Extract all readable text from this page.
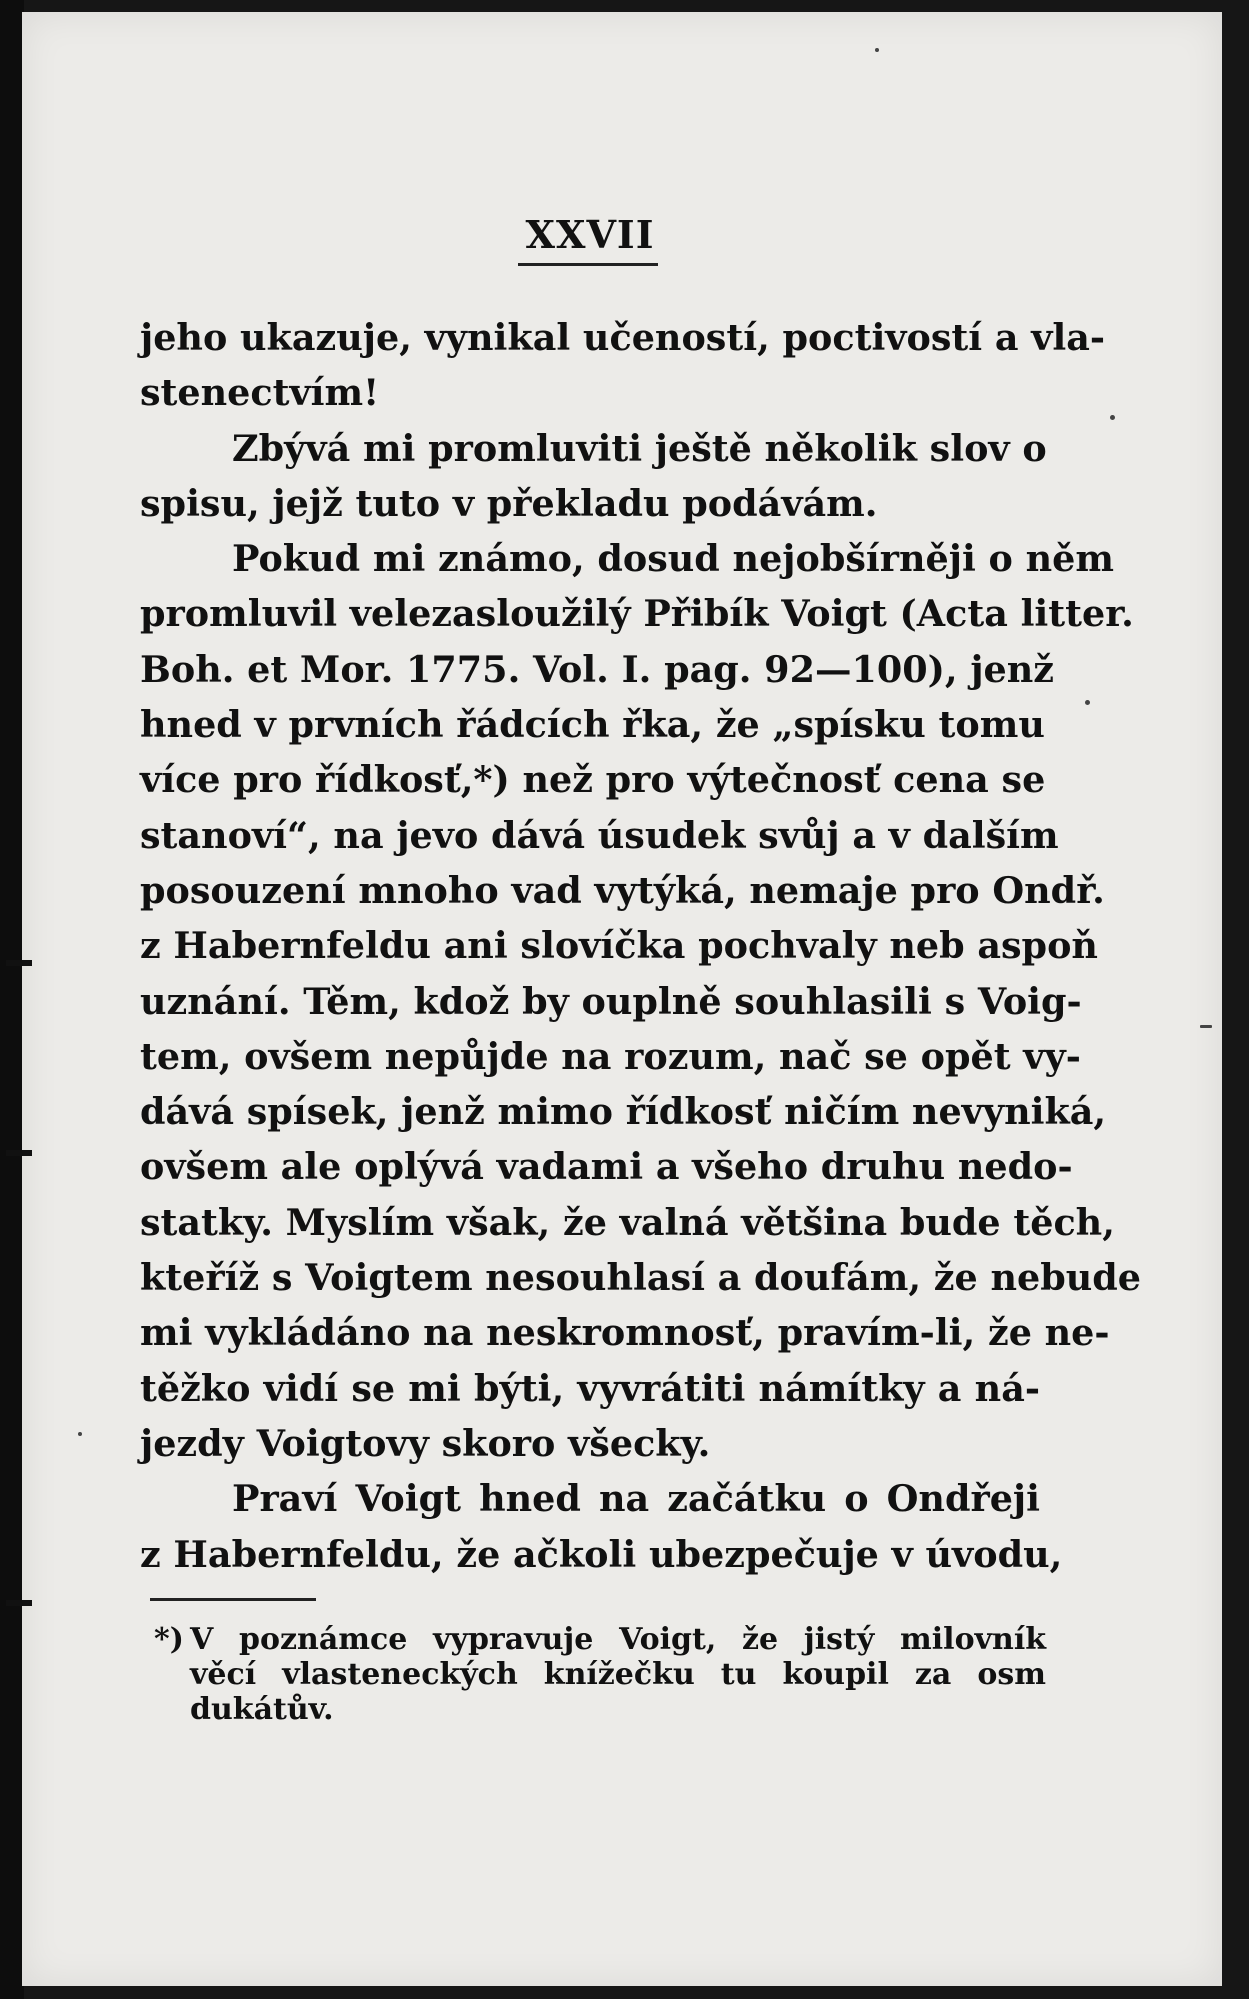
XXVII
jeho ukazuje, vynikal učeností, poctivostí a vla-
stenectvím!
Zbývá mi promluviti ještě několik slov o
spisu, jejž tuto v překladu podávám.
Pokud mi známo, dosud nejobšírněji o něm
promluvil velezasloužilý Přibík Voigt (Acta litter.
Boh. et Mor. 1775. Vol. I. pag. 92—100), jenž
hned v prvních řádcích řka, že „spísku tomu
více pro řídkosť,*) než pro výtečnosť cena se
stanoví“, na jevo dává úsudek svůj a v dalším
posouzení mnoho vad vytýká, nemaje pro Ondř.
z Habernfeldu ani slovíčka pochvaly neb aspoň
uznání. Těm, kdož by ouplně souhlasili s Voig-
tem, ovšem nepůjde na rozum, nač se opět vy-
dává spísek, jenž mimo řídkosť ničím nevyniká,
ovšem ale oplývá vadami a všeho druhu nedo-
statky. Myslím však, že valná většina bude těch,
kteříž s Voigtem nesouhlasí a doufám, že nebude
mi vykládáno na neskromnosť, pravím-li, že ne-
těžko vidí se mi býti, vyvrátiti námítky a ná-
jezdy Voigtovy skoro všecky.
Praví Voigt hned na začátku o Ondřeji
z Habernfeldu, že ačkoli ubezpečuje v úvodu,
*) V poznámce vypravuje Voigt, že jistý milovník
věcí vlasteneckých knížečku tu koupil za osm
dukátův.
